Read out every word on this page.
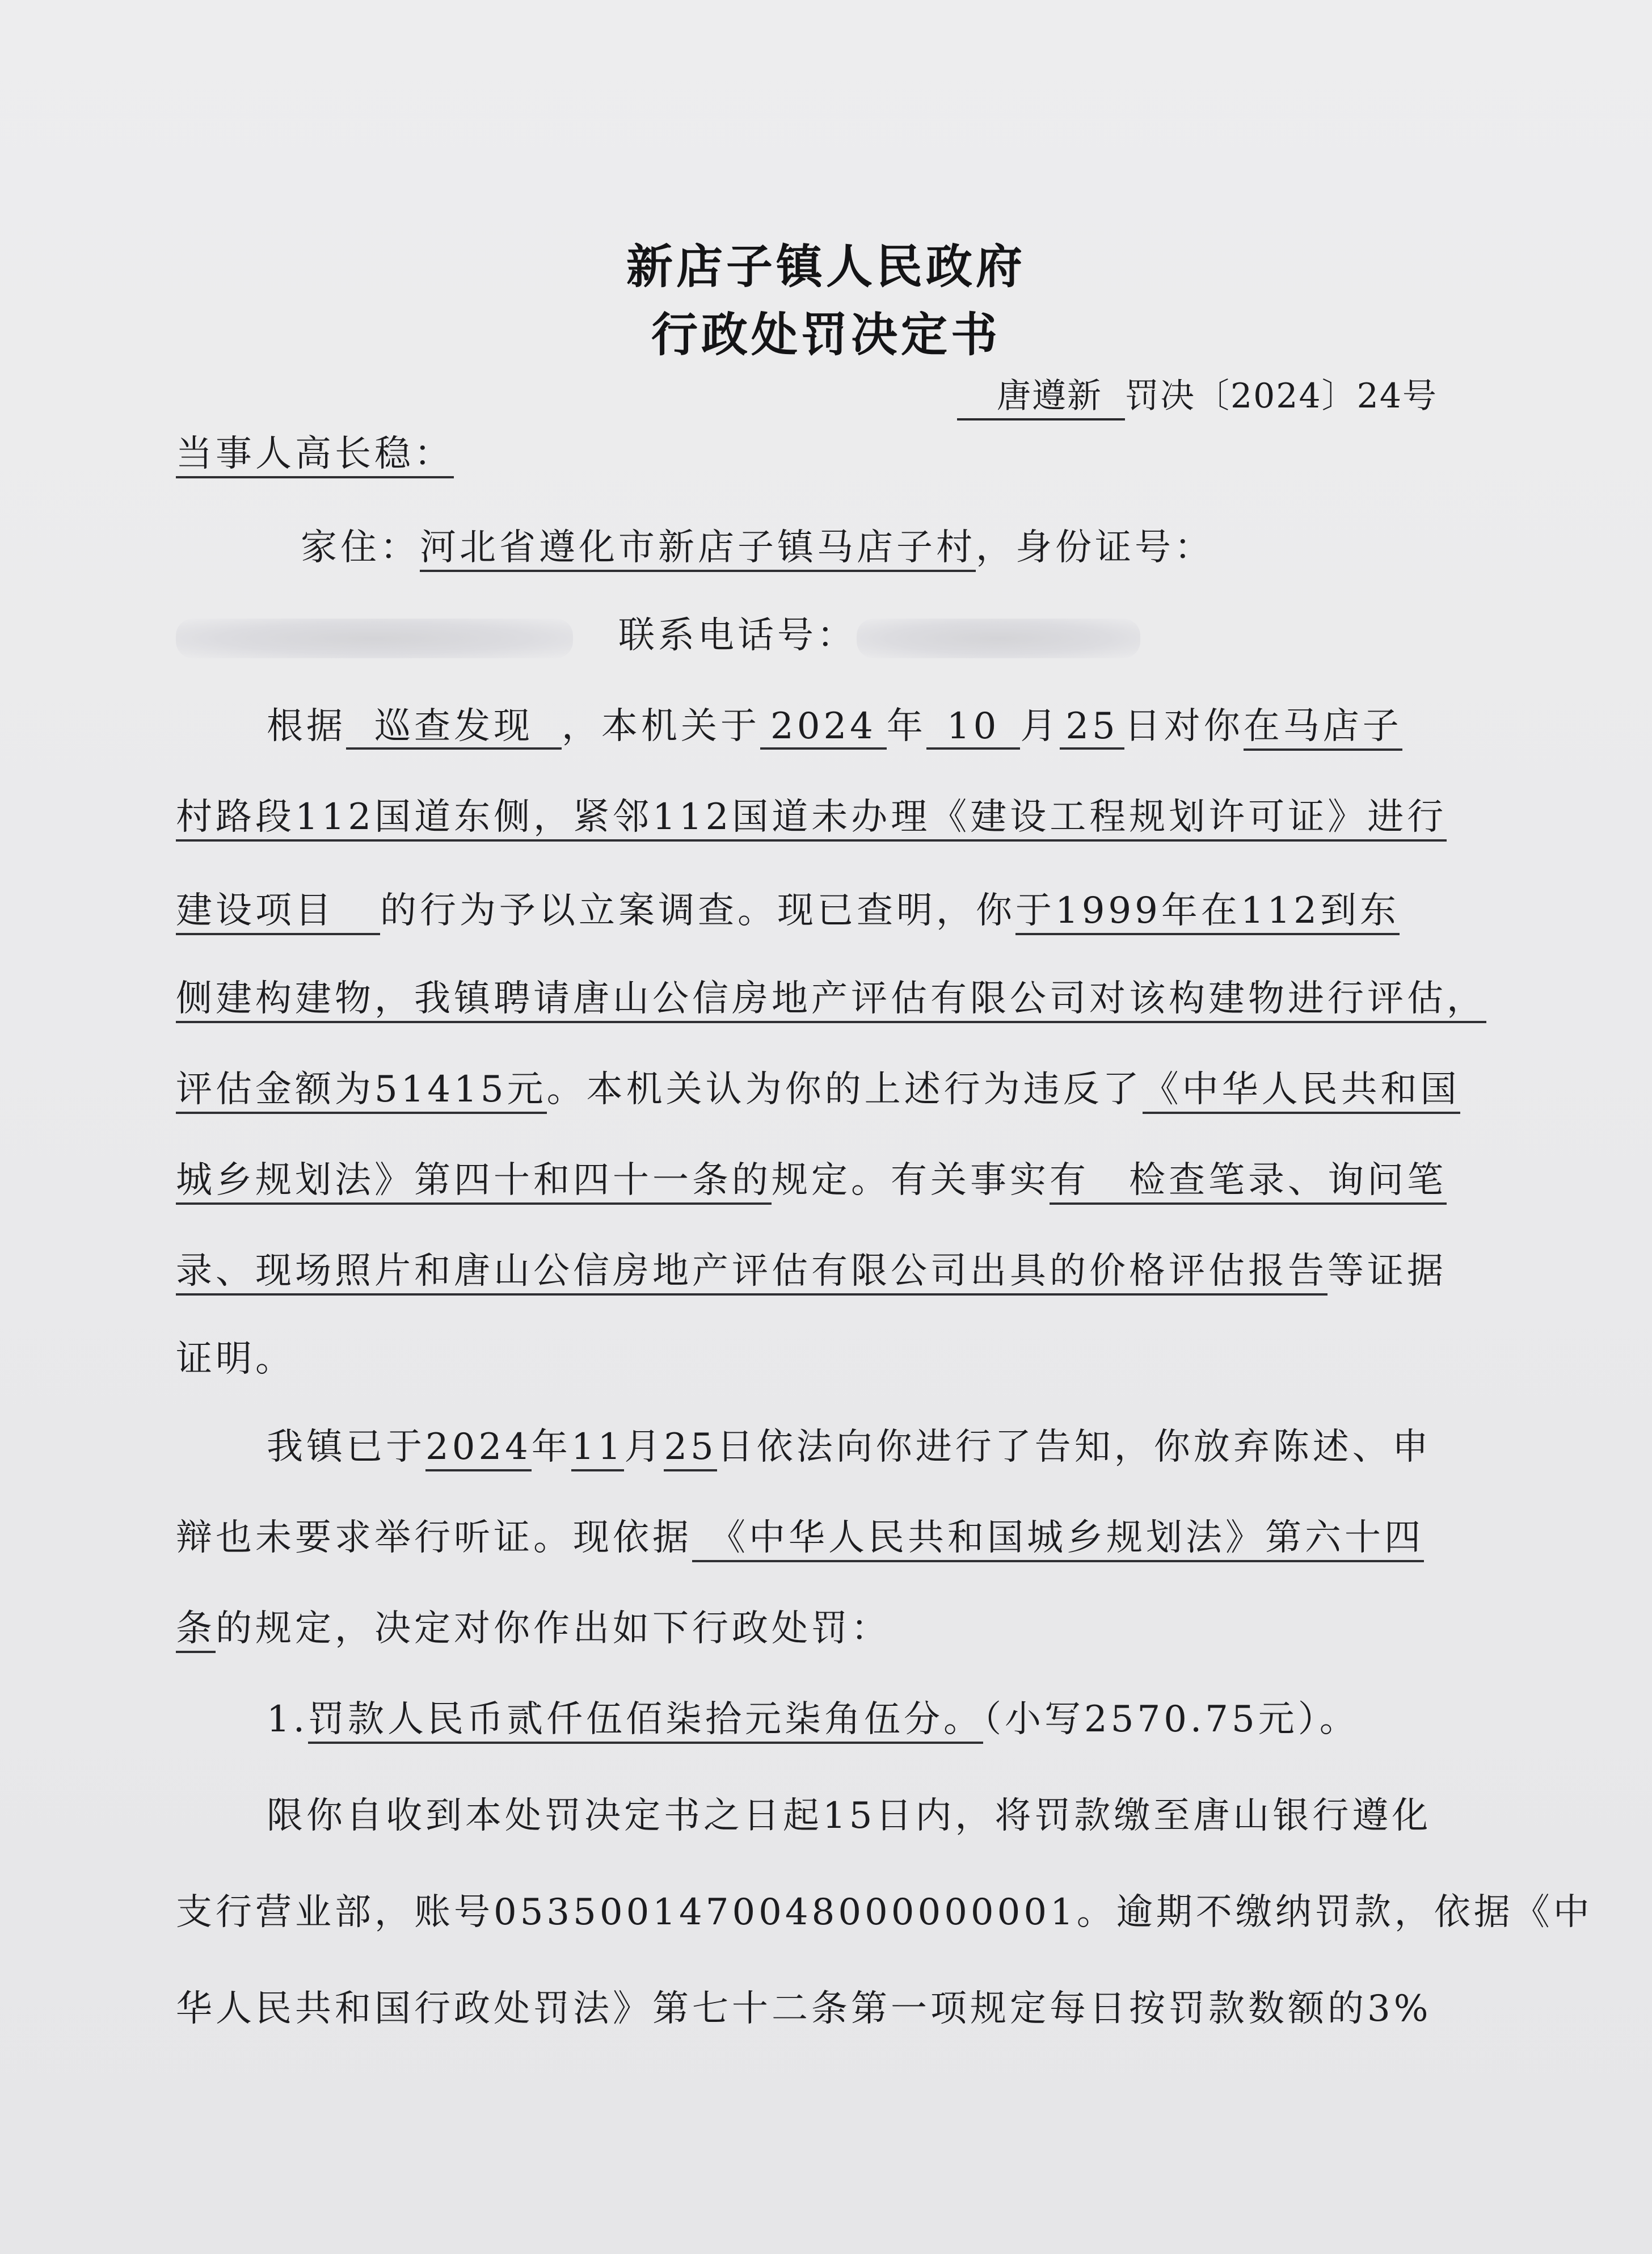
新店子镇人民政府
行政处罚决定书
唐遵新 罚决〔2024〕24号
当事人高长稳：
家住：河北省遵化市新店子镇马店子村，身份证号：
联系电话号：
根据 巡查发现 ，本机关于 2024 年 10 月 25 日对你在马店子
村路段112国道东侧，紧邻112国道未办理《建设工程规划许可证》进行
建设项目 的行为予以立案调查。现已查明，你于1999年在112到东
侧建构建物，我镇聘请唐山公信房地产评估有限公司对该构建物进行评估，
评估金额为51415元。本机关认为你的上述行为违反了《中华人民共和国
城乡规划法》第四十和四十一条的规定。有关事实有　检查笔录、询问笔
录、现场照片和唐山公信房地产评估有限公司出具的价格评估报告等证据
证明。
我镇已于2024年11月25日依法向你进行了告知，你放弃陈述、申
辩也未要求举行听证。现依据 《中华人民共和国城乡规划法》第六十四
条的规定，决定对你作出如下行政处罚：
1.罚款人民币贰仟伍佰柒拾元柒角伍分。（小写2570.75元）。
限你自收到本处罚决定书之日起15日内，将罚款缴至唐山银行遵化
支行营业部，账号0535001470048000000001。逾期不缴纳罚款，依据《中
华人民共和国行政处罚法》第七十二条第一项规定每日按罚款数额的3%
